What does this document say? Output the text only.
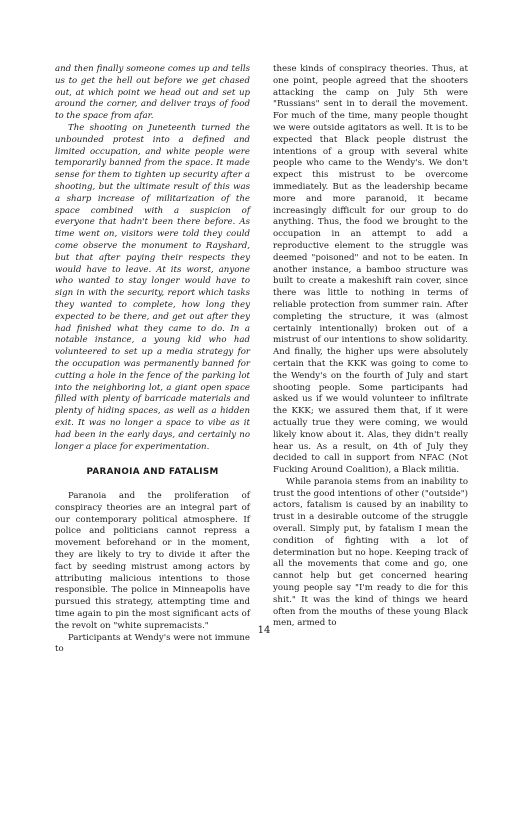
and then finally someone comes up and tells us to get the hell out before we get chased out, at which point we head out and set up around the corner, and deliver trays of food to the space from afar.

The shooting on Juneteenth turned the unbounded protest into a defined and limited occupation, and white people were temporarily banned from the space. It made sense for them to tighten up security after a shooting, but the ultimate result of this was a sharp increase of militarization of the space combined with a suspicion of everyone that hadn't been there before. As time went on, visitors were told they could come observe the monument to Rayshard, but that after paying their respects they would have to leave. At its worst, anyone who wanted to stay longer would have to sign in with the security, report which tasks they wanted to complete, how long they expected to be there, and get out after they had finished what they came to do. In a notable instance, a young kid who had volunteered to set up a media strategy for the occupation was permanently banned for cutting a hole in the fence of the parking lot into the neighboring lot, a giant open space filled with plenty of barricade materials and plenty of hiding spaces, as well as a hidden exit. It was no longer a space to vibe as it had been in the early days, and certainly no longer a place for experimentation.

PARANOIA AND FATALISM

Paranoia and the proliferation of conspiracy theories are an integral part of our contemporary political atmosphere. If police and politicians cannot repress a movement beforehand or in the moment, they are likely to try to divide it after the fact by seeding mistrust among actors by attributing malicious intentions to those responsible. The police in Minneapolis have pursued this strategy, attempting time and time again to pin the most significant acts of the revolt on "white supremacists."

Participants at Wendy's were not immune to

these kinds of conspiracy theories. Thus, at one point, people agreed that the shooters attacking the camp on July 5th were "Russians" sent in to derail the movement. For much of the time, many people thought we were outside agitators as well. It is to be expected that Black people distrust the intentions of a group with several white people who came to the Wendy's. We don't expect this mistrust to be overcome immediately. But as the leadership became more and more paranoid, it became increasingly difficult for our group to do anything. Thus, the food we brought to the occupation in an attempt to add a reproductive element to the struggle was deemed "poisoned" and not to be eaten. In another instance, a bamboo structure was built to create a makeshift rain cover, since there was little to nothing in terms of reliable protection from summer rain. After completing the structure, it was (almost certainly intentionally) broken out of a mistrust of our intentions to show solidarity. And finally, the higher ups were absolutely certain that the KKK was going to come to the Wendy's on the fourth of July and start shooting people. Some participants had asked us if we would volunteer to infiltrate the KKK; we assured them that, if it were actually true they were coming, we would likely know about it. Alas, they didn't really hear us. As a result, on 4th of July they decided to call in support from NFAC (Not Fucking Around Coalition), a Black militia.

While paranoia stems from an inability to trust the good intentions of other ("outside") actors, fatalism is caused by an inability to trust in a desirable outcome of the struggle overall. Simply put, by fatalism I mean the condition of fighting with a lot of determination but no hope. Keeping track of all the movements that come and go, one cannot help but get concerned hearing young people say "I'm ready to die for this shit." It was the kind of things we heard often from the mouths of these young Black men, armed to

14
